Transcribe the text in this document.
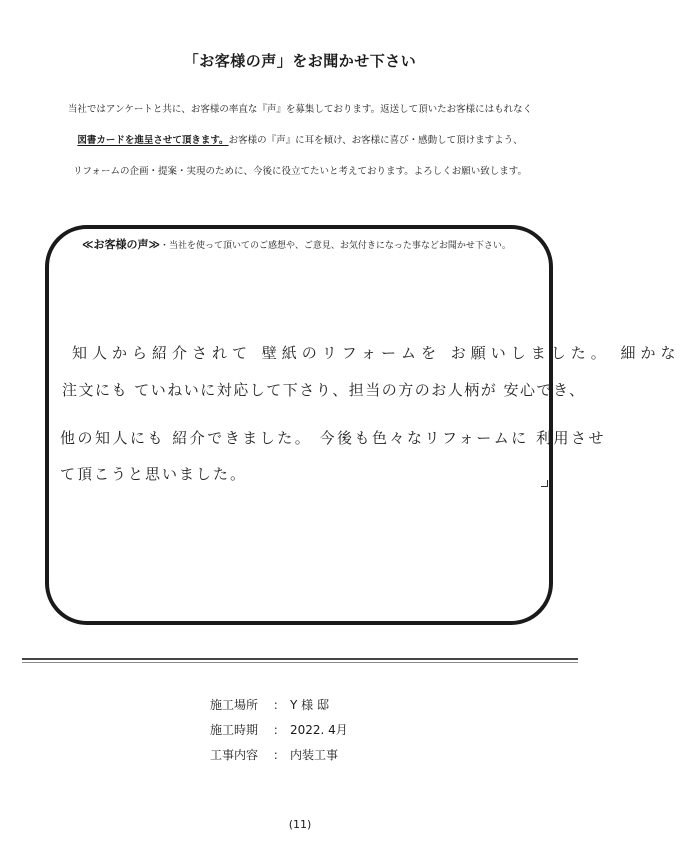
「お客様の声」をお聞かせ下さい
当社ではアンケートと共に、お客様の率直な『声』を募集しております。返送して頂いたお客様にはもれなく
図書カードを進呈させて頂きます。お客様の『声』に耳を傾け、お客様に喜び・感動して頂けますよう、
リフォームの企画・提案・実現のために、今後に役立てたいと考えております。よろしくお願い致します。
≪お客様の声≫・当社を使って頂いてのご感想や、ご意見、お気付きになった事などお聞かせ下さい。
知人から紹介されて 壁紙のリフォームを お願いしました。 細かな
注文にも ていねいに対応して下さり、担当の方のお人柄が 安心でき、
他の知人にも 紹介できました。 今後も色々なリフォームに 利用させ
て頂こうと思いました。
施工場所 ： Y 様 邸
施工時期 ： 2022. 4月
工事内容 ： 内装工事
(11)
